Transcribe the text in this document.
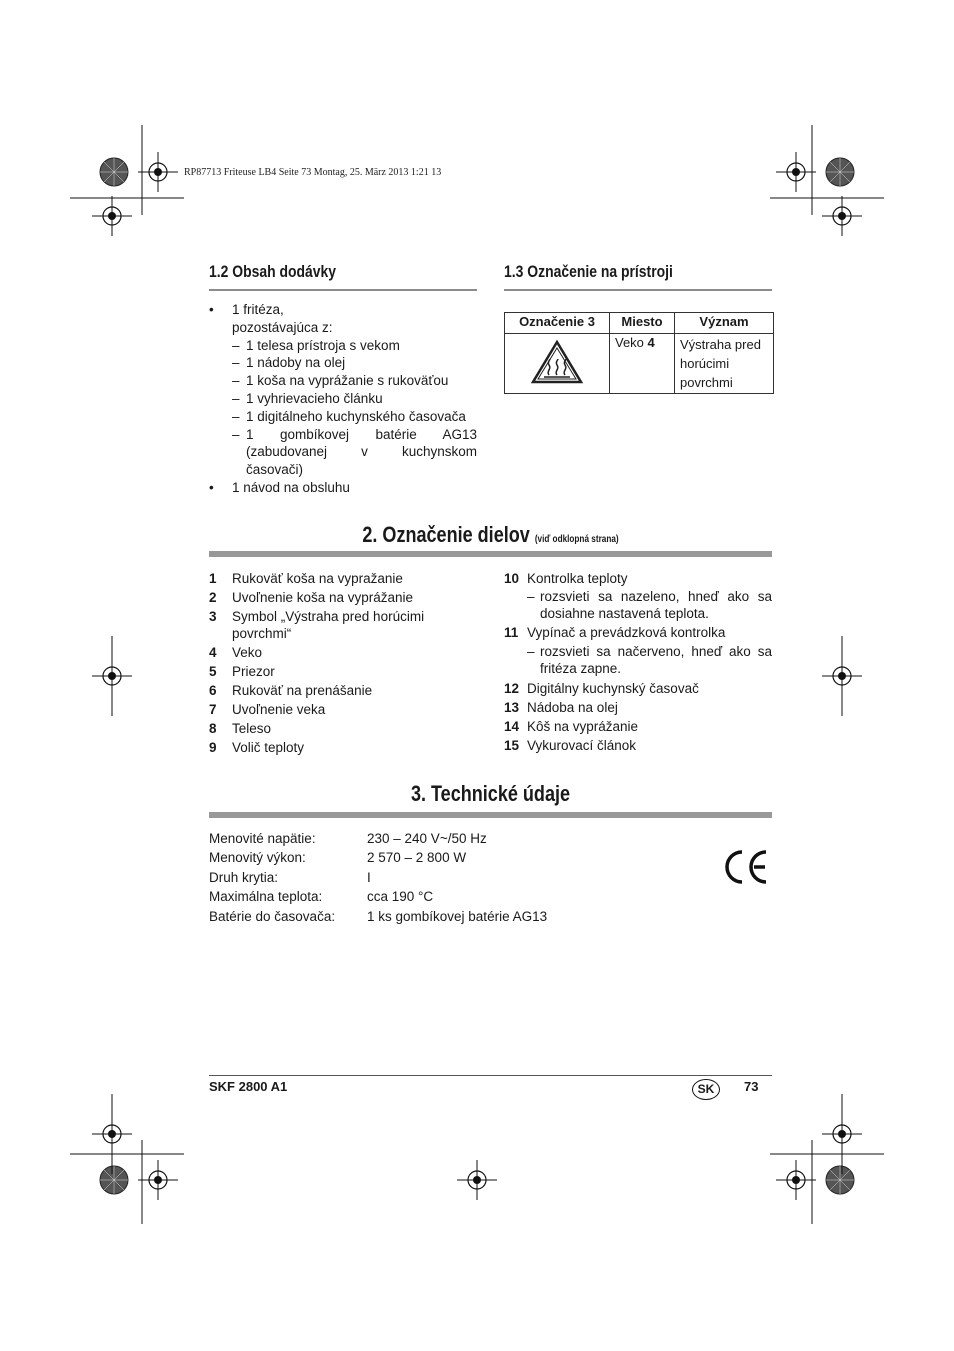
RP87713 Friteuse LB4 Seite 73 Montag, 25. März 2013 1:21 13
1.2 Obsah dodávky
•	1 fritéza,
pozostávajúca z:
– 1 telesa prístroja s vekom
– 1 nádoby na olej
– 1 koša na vyprážanie s rukoväťou
– 1 vyhrievacieho článku
– 1 digitálneho kuchynského časovača
– 1 gombíkovej batérie AG13 (zabudovanej v kuchynskom časovači)
•	1 návod na obsluhu
1.3 Označenie na prístroji
Označenie 3	Miesto	Význam
	Veko 4	Výstraha pred horúcimi povrchmi
2. Označenie dielov (viď odklopná strana)
1	Rukoväť koša na vypražanie
2	Uvoľnenie koša na vyprážanie
3	Symbol „Výstraha pred horúcimi povrchmi“
4	Veko
5	Priezor
6	Rukoväť na prenášanie
7	Uvoľnenie veka
8	Teleso
9	Volič teploty
10 Kontrolka teploty
– rozsvieti sa nazeleno, hneď ako sa dosiahne nastavená teplota.
11 Vypínač a prevádzková kontrolka
– rozsvieti sa načerveno, hneď ako sa fritéza zapne.
12 Digitálny kuchynský časovač
13 Nádoba na olej
14 Kôš na vyprážanie
15 Vykurovací článok
3. Technické údaje
Menovité napätie:	230 – 240 V~/50 Hz
Menovitý výkon:	2 570 – 2 800 W
Druh krytia:	I
Maximálna teplota:	cca 190 °C
Batérie do časovača:	1 ks gombíkovej batérie AG13
SKF 2800 A1	SK	73
